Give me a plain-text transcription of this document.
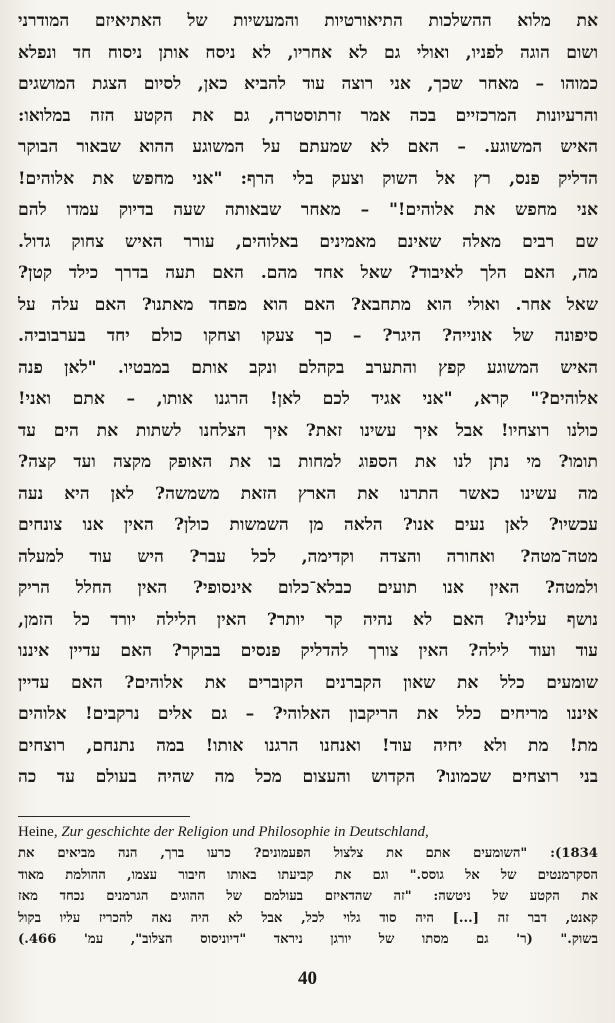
את מלוא ההשלכות התיאורטיות והמעשיות של האתיאיזם המודרני
ושום הוגה לפניו, ואולי גם לא אחריו, לא ניסח אותן ניסוח חד ונפלא
כמוהו – מאחר שכך, אני רוצה עוד להביא כאן, לסיום הצגת המושגים
והרעיונות המרכזיים בכה אמר זרתוסטרה, גם את הקטע הזה במלואו:
האיש המשוגע. – האם לא שמעתם על המשוגע ההוא שבאור הבוקר
הדליק פנס, רץ אל השוק וצעק בלי הרף: "אני מחפש את אלוהים!
אני מחפש את אלוהים!" – מאחר שבאותה שעה בדיוק עמדו להם
שם רבים מאלה שאינם מאמינים באלוהים, עורר האיש צחוק גדול.
מה, האם הלך לאיבוד? שאל אחד מהם. האם תעה בדרך כילד קטן?
שאל אחר. ואולי הוא מתחבא? האם הוא מפחד מאתנו? האם עלה על
סיפונה של אונייה? היגר? – כך צעקו וצחקו כולם יחד בערבוביה.
האיש המשוגע קפץ והתערב בקהלם ונקב אותם במבטיו. "לאן פנה
אלוהים?" קרא, "אני אגיד לכם לאן! הרגנו אותו, – אתם ואני!
כולנו רוצחיו! אבל איך עשינו זאת? איך הצלחנו לשתות את הים עד
תומו? מי נתן לנו את הספוג למחות בו את האופק מקצה ועד קצה?
מה עשינו כאשר התרנו את הארץ הזאת משמשה? לאן היא נעה
עכשיו? לאן נעים אנו? הלאה מן השמשות כולן? האין אנו צונחים
מטה־מטה? ואחורה והצדה וקדימה, לכל עבר? היש עוד למעלה
ולמטה? האין אנו תועים כבלא־כלום אינסופי? האין החלל הריק
נושף עלינו? האם לא נהיה קר יותר? האין הלילה יורד כל הזמן,
עוד ועוד לילה? האין צורך להדליק פנסים בבוקר? האם עדיין איננו
שומעים כלל את שאון הקברנים הקוברים את אלוהים? האם עדיין
איננו מריחים כלל את הריקבון האלוהי? – גם אלים נרקבים! אלוהים
מת! מת ולא יחיה עוד! ואנחנו הרגנו אותו! במה נתנחם, רוצחים
בני רוצחים שכמונו? הקדוש והעצום מכל מה שהיה בעולם עד כה
Heine, Zur geschichte der Religion und Philosophie in Deutschland,
1834): "השומעים אתם את צלצול הפעמונים? כרעו ברך, הנה מביאים את
הסקרמנטים של אל גוסס." וגם את קביעתו באותו חיבור עצמו, ההולמת מאוד
את הקטע של ניטשה: "זה שהדאיזם בעולמם של ההוגים הגרמנים נכחד מאז
קאנט, דבר זה [...] היה סוד גלוי לכל, אבל לא היה נאה להכריז עליו בקול
בשוק." (ר' גם מסתו של יורגן ניראד "דיוניסוס הצלוב", עמ' 466.)
40
